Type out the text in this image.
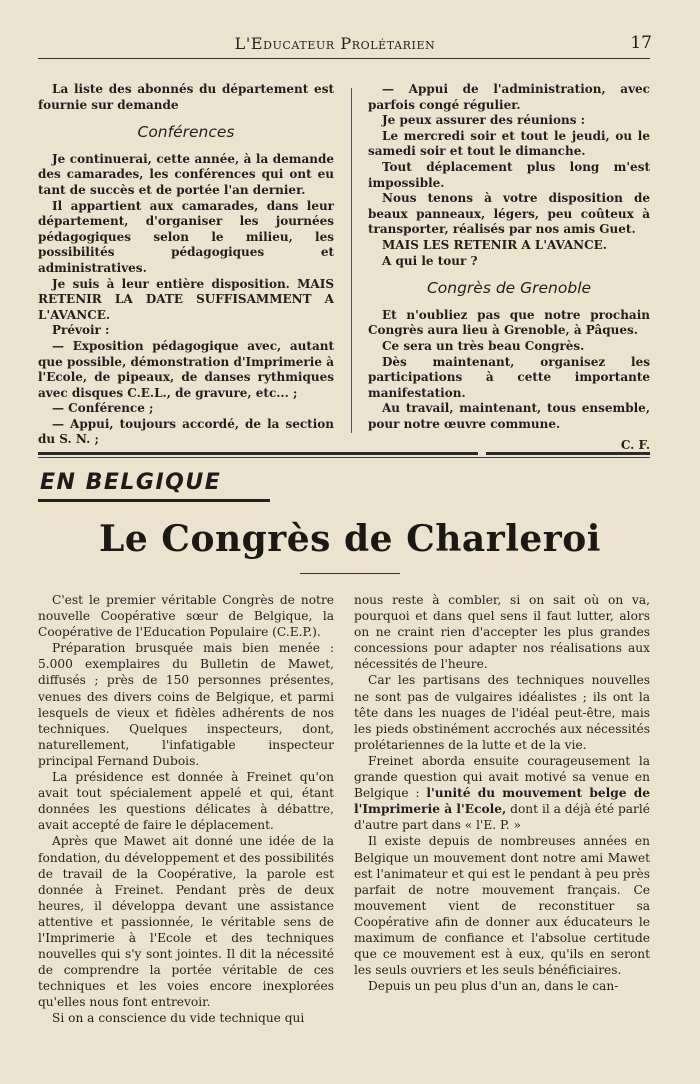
L'Educateur Prolétarien	17

La liste des abonnés du département est fournie sur demande

Conférences

Je continuerai, cette année, à la demande des camarades, les conférences qui ont eu tant de succès et de portée l'an dernier.

Il appartient aux camarades, dans leur département, d'organiser les journées pédagogiques selon le milieu, les possibilités pédagogiques et administratives.

Je suis à leur entière disposition. MAIS RETENIR LA DATE SUFFISAMMENT A L'AVANCE.

Prévoir :

— Exposition pédagogique avec, autant que possible, démonstration d'Imprimerie à l'Ecole, de pipeaux, de danses rythmiques avec disques C.E.L., de gravure, etc... ;

— Conférence ;

— Appui, toujours accordé, de la section du S. N. ;

— Appui de l'administration, avec parfois congé régulier.

Je peux assurer des réunions :

Le mercredi soir et tout le jeudi, ou le samedi soir et tout le dimanche.

Tout déplacement plus long m'est impossible.

Nous tenons à votre disposition de beaux panneaux, légers, peu coûteux à transporter, réalisés par nos amis Guet.

MAIS LES RETENIR A L'AVANCE.

A qui le tour ?

Congrès de Grenoble

Et n'oubliez pas que notre prochain Congrès aura lieu à Grenoble, à Pâques.

Ce sera un très beau Congrès.

Dès maintenant, organisez les participations à cette importante manifestation.

Au travail, maintenant, tous ensemble, pour notre œuvre commune.

C. F.

EN BELGIQUE
Le Congrès de Charleroi

C'est le premier véritable Congrès de notre nouvelle Coopérative sœur de Belgique, la Coopérative de l'Education Populaire (C.E.P.).

Préparation brusquée mais bien menée : 5.000 exemplaires du Bulletin de Mawet, diffusés ; près de 150 personnes présentes, venues des divers coins de Belgique, et parmi lesquels de vieux et fidèles adhérents de nos techniques. Quelques inspecteurs, dont, naturellement, l'infatigable inspecteur principal Fernand Dubois.

La présidence est donnée à Freinet qu'on avait tout spécialement appelé et qui, étant données les questions délicates à débattre, avait accepté de faire le déplacement.

Après que Mawet ait donné une idée de la fondation, du développement et des possibilités de travail de la Coopérative, la parole est donnée à Freinet. Pendant près de deux heures, il développa devant une assistance attentive et passionnée, le véritable sens de l'Imprimerie à l'Ecole et des techniques nouvelles qui s'y sont jointes. Il dit la nécessité de comprendre la portée véritable de ces techniques et les voies encore inexplorées qu'elles nous font entrevoir.

Si on a conscience du vide technique qui

nous reste à combler, si on sait où on va, pourquoi et dans quel sens il faut lutter, alors on ne craint rien d'accepter les plus grandes concessions pour adapter nos réalisations aux nécessités de l'heure.

Car les partisans des techniques nouvelles ne sont pas de vulgaires idéalistes ; ils ont la tête dans les nuages de l'idéal peut-être, mais les pieds obstinément accrochés aux nécessités prolétariennes de la lutte et de la vie.

Freinet aborda ensuite courageusement la grande question qui avait motivé sa venue en Belgique : l'unité du mouvement belge de l'Imprimerie à l'Ecole, dont il a déjà été parlé d'autre part dans « l'E. P. »

Il existe depuis de nombreuses années en Belgique un mouvement dont notre ami Mawet est l'animateur et qui est le pendant à peu près parfait de notre mouvement français. Ce mouvement vient de reconstituer sa Coopérative afin de donner aux éducateurs le maximum de confiance et l'absolue certitude que ce mouvement est à eux, qu'ils en seront les seuls ouvriers et les seuls bénéficiaires.

Depuis un peu plus d'un an, dans le can-
